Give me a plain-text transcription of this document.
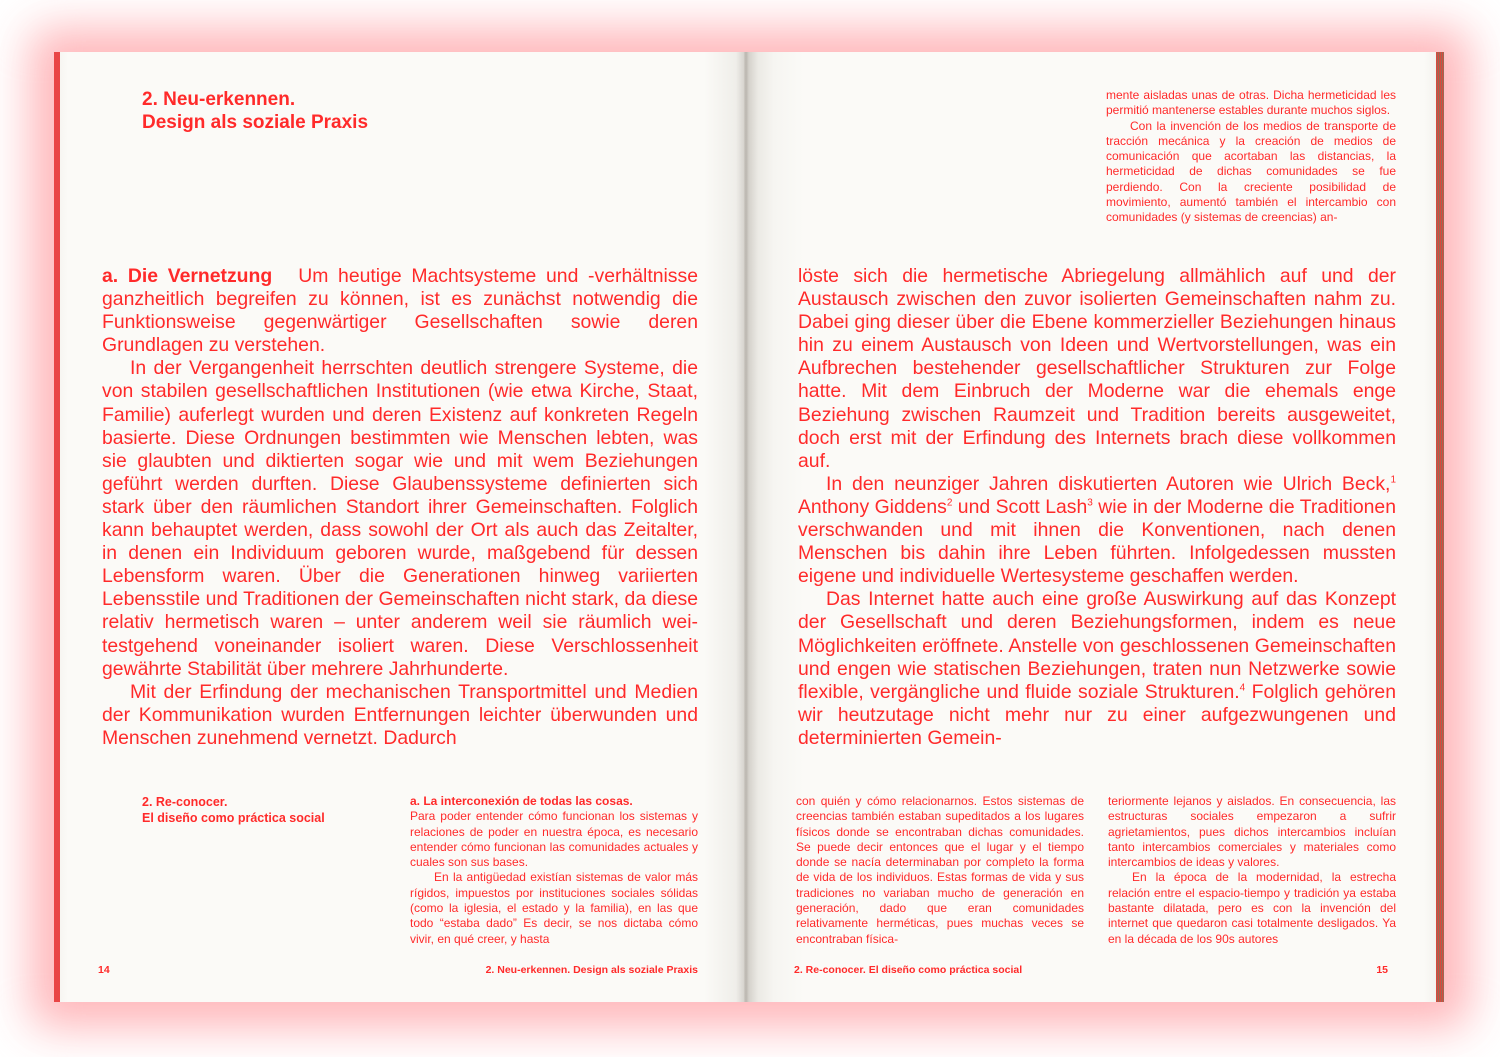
2. Neu-erkennen.
Design als soziale Praxis

a. Die Vernetzung Um heutige Machtsysteme und -verhältnisse ganzheitlich begreifen zu können, ist es zunächst notwendig die Funktionsweise gegenwärtiger Gesellschaften sowie deren Grundlagen zu verstehen.

In der Vergangenheit herrschten deutlich strengere Systeme, die von stabilen gesellschaftlichen Institutionen (wie etwa Kirche, Staat, Familie) auferlegt wurden und deren Existenz auf konkreten Regeln basierte. Diese Ordnungen bestimmten wie Menschen lebten, was sie glaubten und diktierten sogar wie und mit wem Beziehungen geführt werden durften. Diese Glaubenssysteme definierten sich stark über den räumlichen Standort ihrer Gemeinschaften. Folglich kann behauptet werden, dass sowohl der Ort als auch das Zeitalter, in denen ein Individuum geboren wurde, maßgebend für dessen Lebensform waren. Über die Generationen hinweg variierten Lebensstile und Traditionen der Gemeinschaften nicht stark, da diese relativ hermetisch waren – unter anderem weil sie räumlich weitestgehend voneinander isoliert waren. Diese Verschlossenheit gewährte Stabilität über mehrere Jahrhunderte.

Mit der Erfindung der mechanischen Transportmittel und Medien der Kommunikation wurden Entfernungen leichter überwunden und Menschen zunehmend vernetzt. Dadurch

2. Re-conocer.
El diseño como práctica social
a. La interconexión de todas las cosas.

Para poder entender cómo funcionan los sistemas y relaciones de poder en nuestra época, es necesario entender cómo funcionan las comunidades actuales y cuales son sus bases.

En la antigüedad existían sistemas de valor más rígidos, impuestos por instituciones sociales sólidas (como la iglesia, el estado y la familia), en las que todo “estaba dado” Es decir, se nos dictaba cómo vivir, en qué creer, y hasta

14	2. Neu-erkennen. Design als soziale Praxis

mente aisladas unas de otras. Dicha hermeticidad les permitió mantenerse estables durante muchos siglos.

Con la invención de los medios de transporte de tracción mecánica y la creación de medios de comunicación que acortaban las distancias, la hermeticidad de dichas comunidades se fue perdiendo. Con la creciente posibilidad de movimiento, aumentó también el intercambio con comunidades (y sistemas de creencias) an-

löste sich die hermetische Abriegelung allmählich auf und der Austausch zwischen den zuvor isolierten Gemeinschaften nahm zu. Dabei ging dieser über die Ebene kommerzieller Beziehungen hinaus hin zu einem Austausch von Ideen und Wertvorstellungen, was ein Aufbrechen bestehender gesellschaftlicher Strukturen zur Folge hatte. Mit dem Einbruch der Moderne war die ehemals enge Beziehung zwischen Raumzeit und Tradition bereits ausgeweitet, doch erst mit der Erfindung des Internets brach diese vollkommen auf.

In den neunziger Jahren diskutierten Autoren wie Ulrich Beck,$^1$ Anthony Giddens$^2$ und Scott Lash$^3$ wie in der Moderne die Traditionen verschwanden und mit ihnen die Konventionen, nach denen Menschen bis dahin ihre Leben führten. Infolgedessen mussten eigene und individuelle Wertesysteme geschaffen werden.

Das Internet hatte auch eine große Auswirkung auf das Konzept der Gesellschaft und deren Beziehungsformen, indem es neue Möglichkeiten eröffnete. Anstelle von geschlossenen Gemeinschaften und engen wie statischen Beziehungen, traten nun Netzwerke sowie flexible, vergängliche und fluide soziale Strukturen.$^4$ Folglich gehören wir heutzutage nicht mehr nur zu einer aufgezwungenen und determinierten Gemein-

con quién y cómo relacionarnos. Estos sistemas de creencias también estaban supeditados a los lugares físicos donde se encontraban dichas comunidades. Se puede decir entonces que el lugar y el tiempo donde se nacía determinaban por completo la forma de vida de los individuos. Estas formas de vida y sus tradiciones no variaban mucho de generación en generación, dado que eran comunidades relativamente herméticas, pues muchas veces se encontraban física-

teriormente lejanos y aislados. En consecuencia, las estructuras sociales empezaron a sufrir agrietamientos, pues dichos intercambios incluían tanto intercambios comerciales y materiales como intercambios de ideas y valores.

En la época de la modernidad, la estrecha relación entre el espacio-tiempo y tradición ya estaba bastante dilatada, pero es con la invención del internet que quedaron casi totalmente desligados. Ya en la década de los 90s autores

2. Re-conocer. El diseño como práctica social	15
